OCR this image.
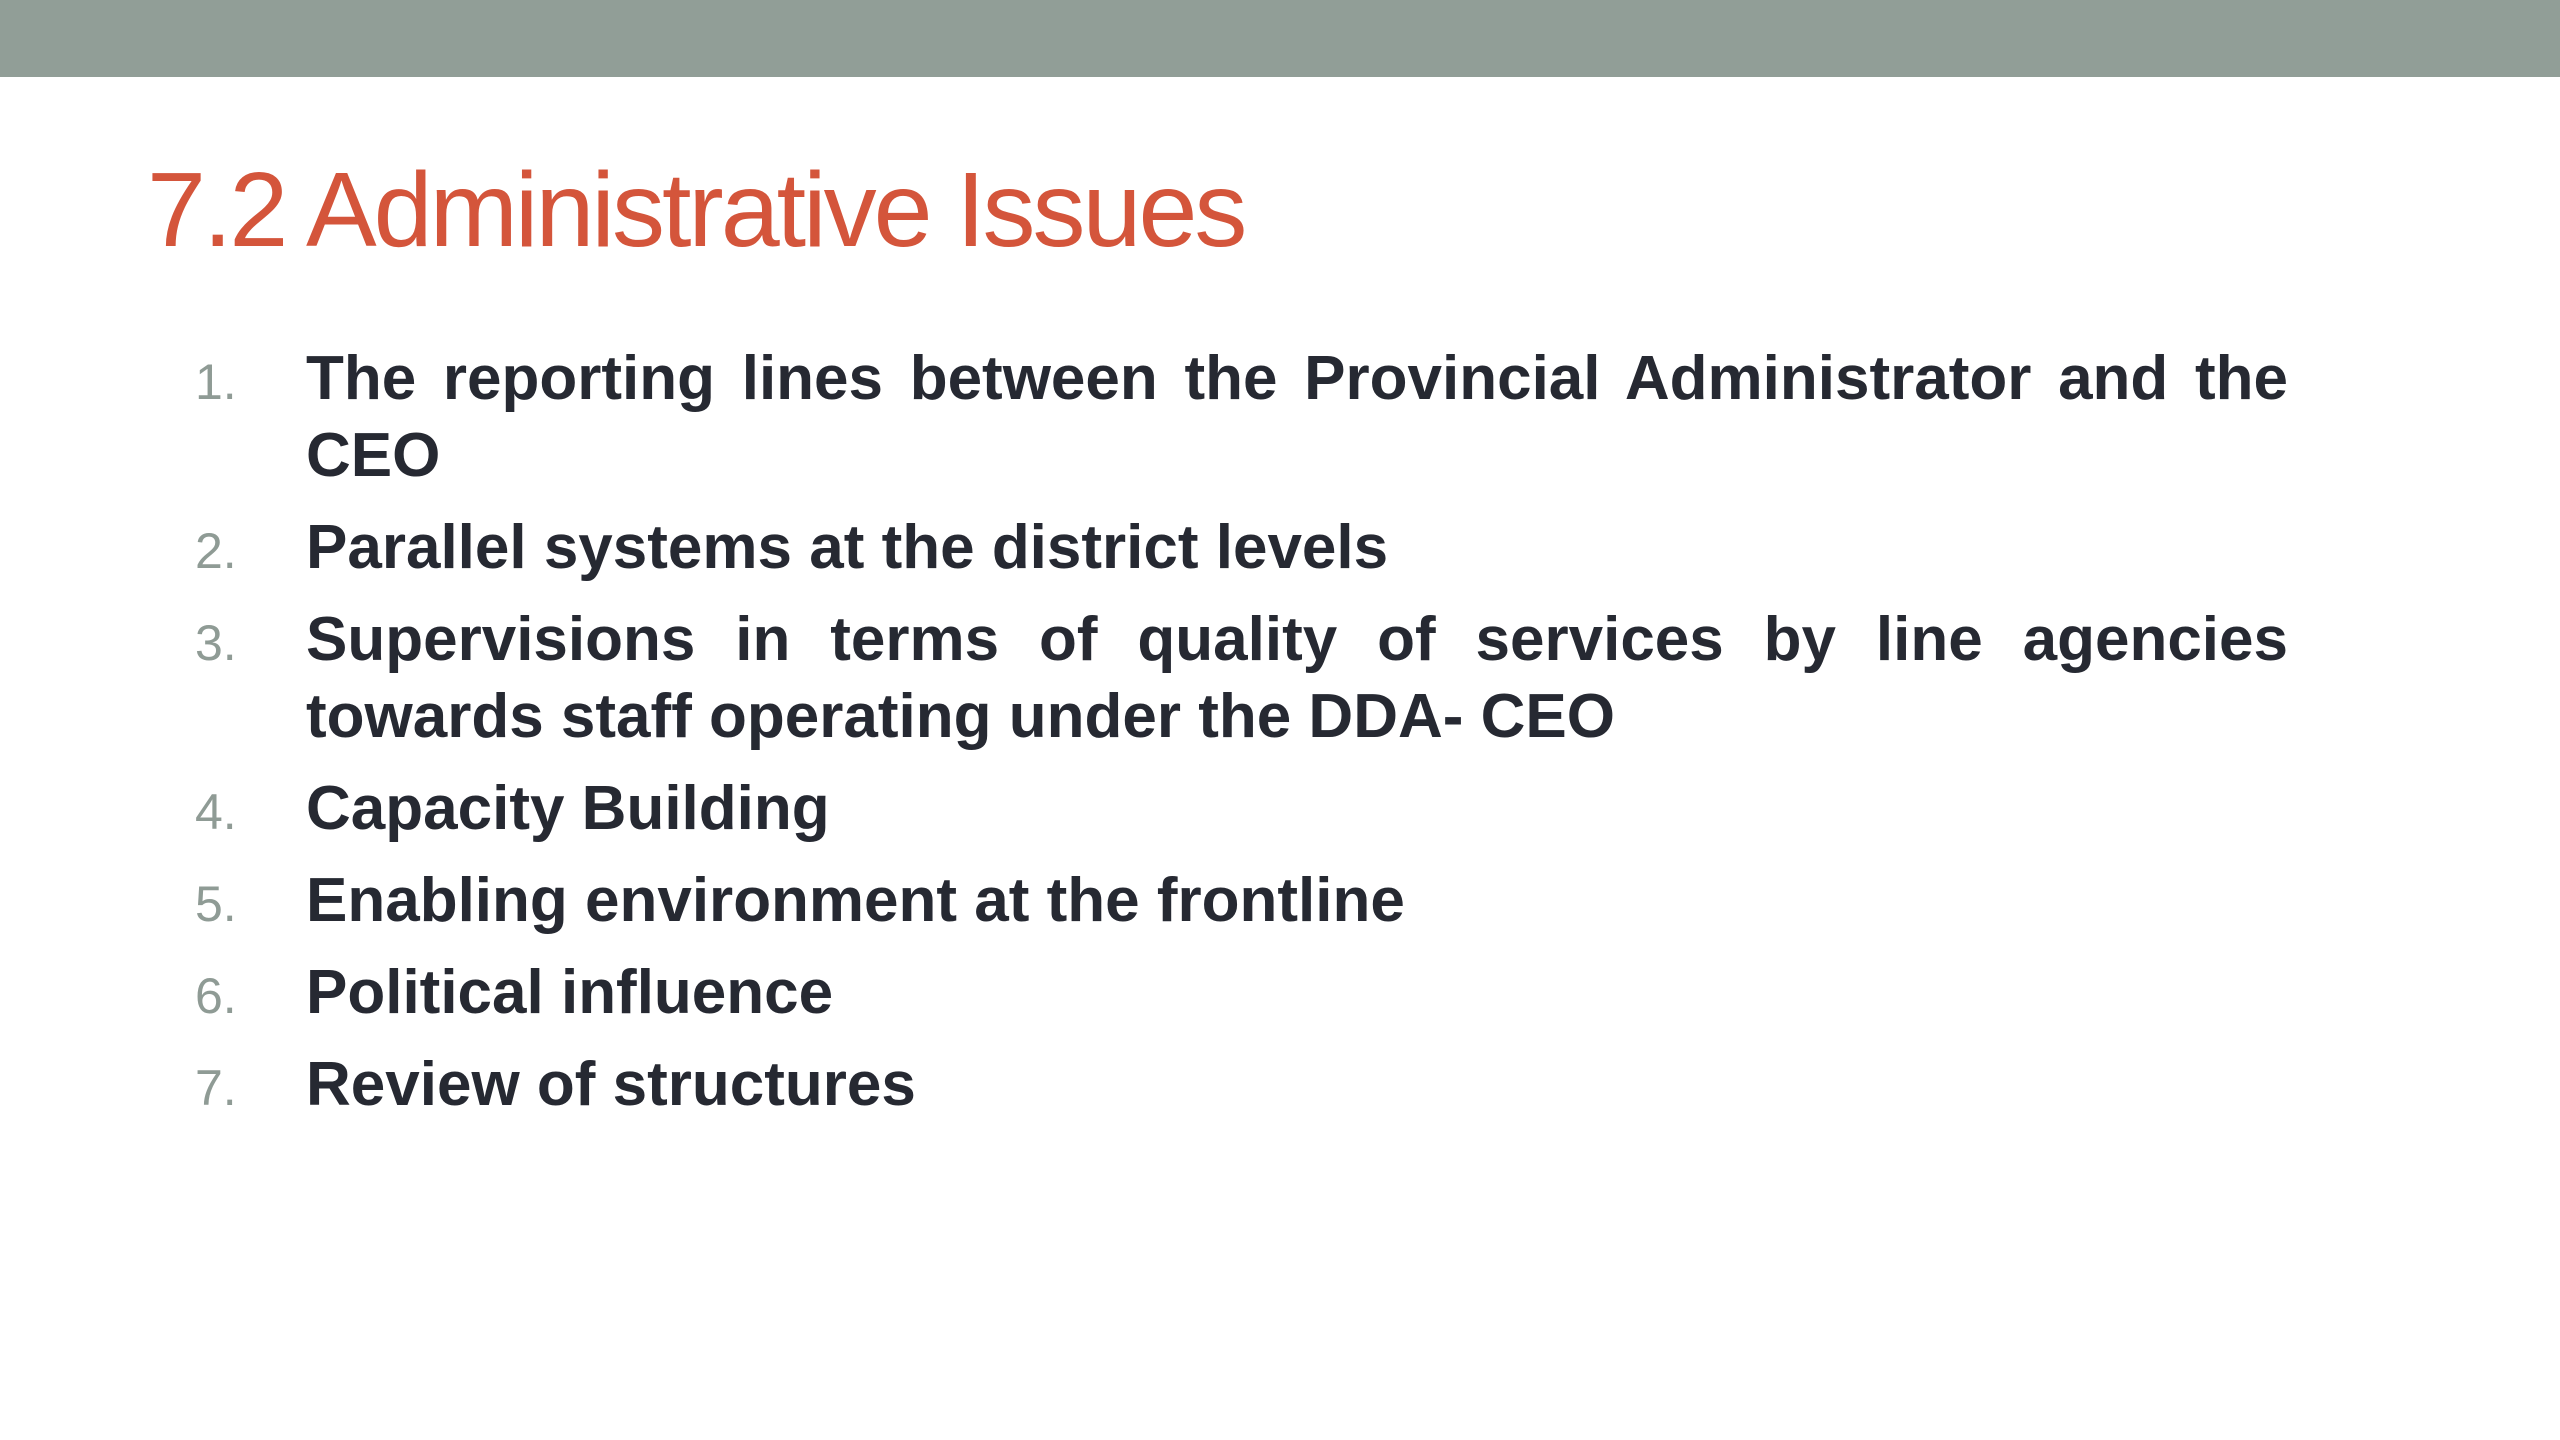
7.2 Administrative Issues
1.	The reporting lines between the Provincial Administrator and the CEO
2.	Parallel systems at the district levels
3.	Supervisions in terms of quality of services by line agencies towards staff operating under the DDA- CEO
4.	Capacity Building
5.	Enabling environment at the frontline
6.	Political influence
7.	Review of structures
